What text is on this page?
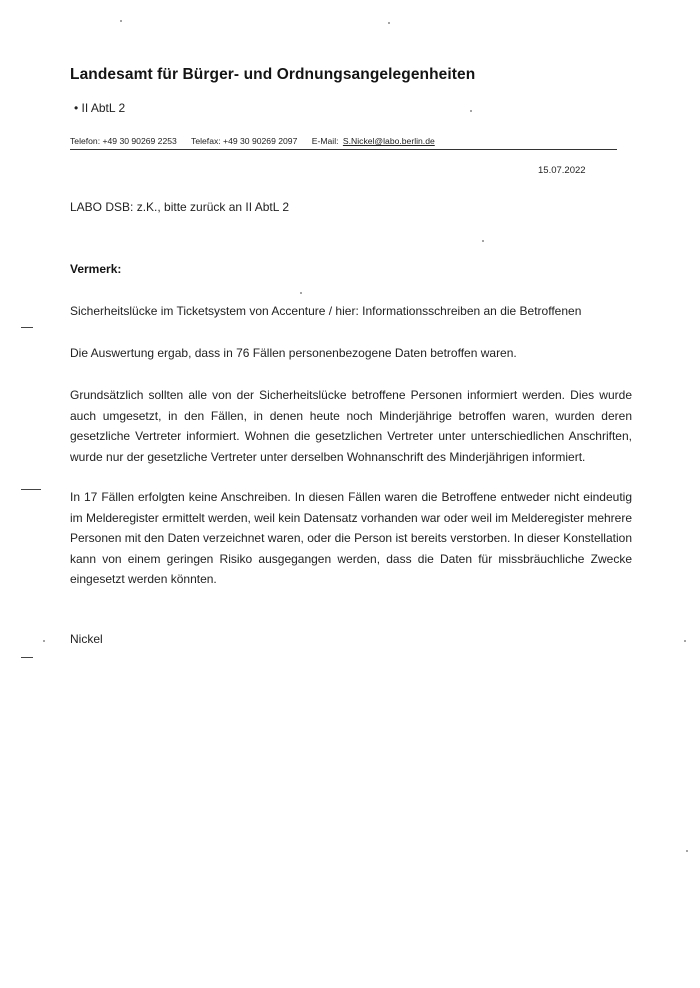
Landesamt für Bürger- und Ordnungsangelegenheiten
• II AbtL 2
Telefon: +49 30 90269 2253 Telefax: +49 30 90269 2097 E-Mail: S.Nickel@labo.berlin.de
15.07.2022
LABO DSB: z.K., bitte zurück an II AbtL 2
Vermerk:
Sicherheitslücke im Ticketsystem von Accenture / hier: Informationsschreiben an die Betroffenen
Die Auswertung ergab, dass in 76 Fällen personenbezogene Daten betroffen waren.
Grundsätzlich sollten alle von der Sicherheitslücke betroffene Personen informiert werden. Dies wurde auch umgesetzt, in den Fällen, in denen heute noch Minderjährige betroffen waren, wurden deren gesetzliche Vertreter informiert. Wohnen die gesetzlichen Vertreter unter unterschiedlichen Anschriften, wurde nur der gesetzliche Vertreter unter derselben Wohnanschrift des Minderjährigen informiert.
In 17 Fällen erfolgten keine Anschreiben. In diesen Fällen waren die Betroffene entweder nicht eindeutig im Melderegister ermittelt werden, weil kein Datensatz vorhanden war oder weil im Melderegister mehrere Personen mit den Daten verzeichnet waren, oder die Person ist bereits verstorben. In dieser Konstellation kann von einem geringen Risiko ausgegangen werden, dass die Daten für missbräuchliche Zwecke eingesetzt werden könnten.
Nickel
